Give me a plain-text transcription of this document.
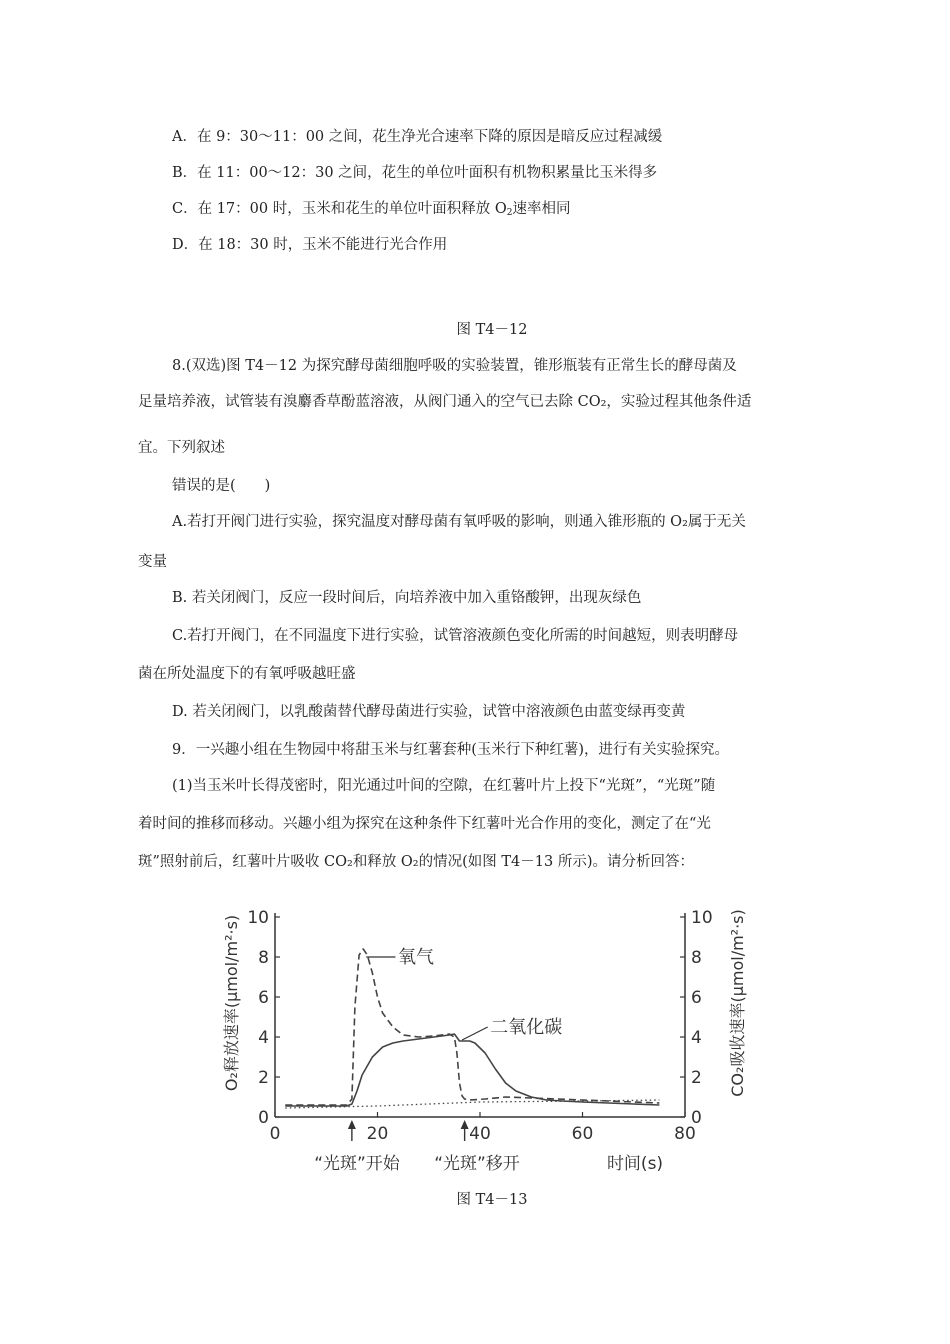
A．在 9：30～11：00 之间，花生净光合速率下降的原因是暗反应过程减缓
B．在 11：00～12：30 之间，花生的单位叶面积有机物积累量比玉米得多
C．在 17：00 时，玉米和花生的单位叶面积释放 $O_2$速率相同
D．在 18：30 时，玉米不能进行光合作用
图 T4－12
8.(双选)图 T4－12 为探究酵母菌细胞呼吸的实验装置，锥形瓶装有正常生长的酵母菌及
足量培养液，试管装有溴麝香草酚蓝溶液，从阀门通入的空气已去除 CO₂，实验过程其他条件适
宜。下列叙述
错误的是(　　)
A.若打开阀门进行实验，探究温度对酵母菌有氧呼吸的影响，则通入锥形瓶的 O₂属于无关
变量
B. 若关闭阀门，反应一段时间后，向培养液中加入重铬酸钾，出现灰绿色
C.若打开阀门，在不同温度下进行实验，试管溶液颜色变化所需的时间越短，则表明酵母
菌在所处温度下的有氧呼吸越旺盛
D. 若关闭阀门，以乳酸菌替代酵母菌进行实验，试管中溶液颜色由蓝变绿再变黄
9．一兴趣小组在生物园中将甜玉米与红薯套种(玉米行下种红薯)，进行有关实验探究。
(1)当玉米叶长得茂密时，阳光通过叶间的空隙，在红薯叶片上投下“光斑”，“光斑”随
着时间的推移而移动。兴趣小组为探究在这种条件下红薯叶光合作用的变化，测定了在“光
斑”照射前后，红薯叶片吸收 CO₂和释放 O₂的情况(如图 T4－13 所示)。请分析回答：
0	0
2	2
4	4
6	6
8	8
10	10
0	20	40	60	80
O₂释放速率(μmol/m²·s)	CO₂吸收速率(μmol/m²·s)
时间(s)
“光斑”开始 “光斑”移开
氧气
二氧化碳
图 T4－13
